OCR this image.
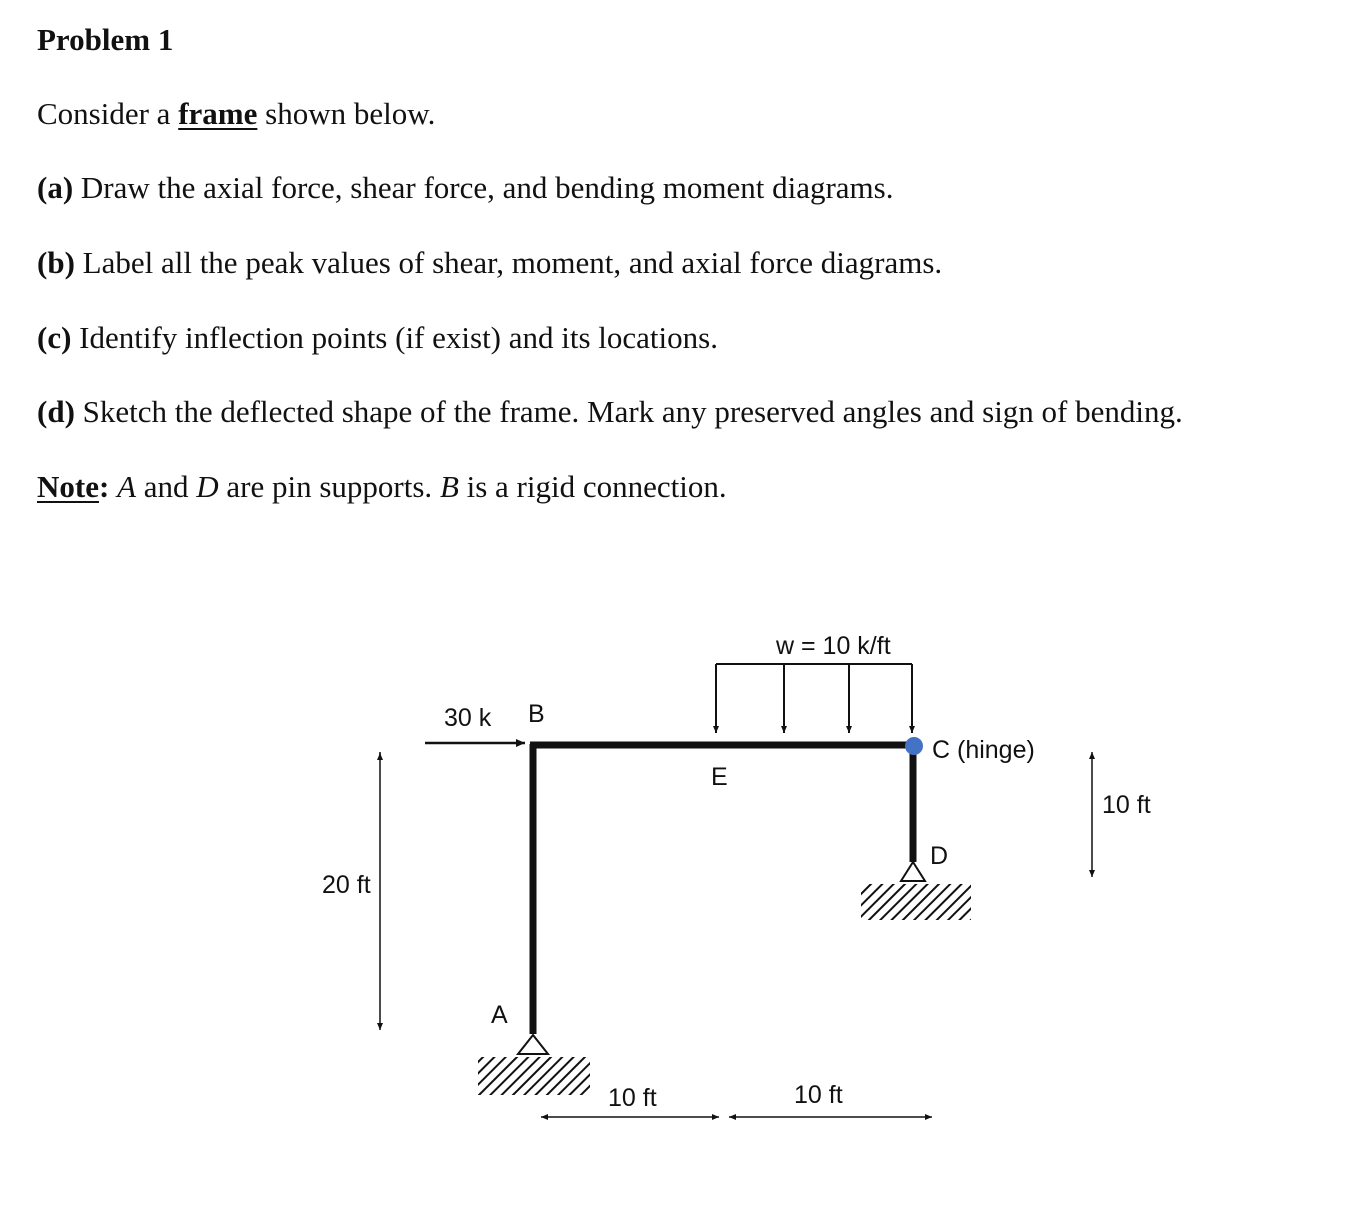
Problem 1
Consider a frame shown below.
(a) Draw the axial force, shear force, and bending moment diagrams.
(b) Label all the peak values of shear, moment, and axial force diagrams.
(c) Identify inflection points (if exist) and its locations.
(d) Sketch the deflected shape of the frame. Mark any preserved angles and sign of bending.
Note: A and D are pin supports. B is a rigid connection.
w = 10 k/ft
30 k B
C (hinge)
E
D
A
20 ft
10 ft
10 ft	10 ft
